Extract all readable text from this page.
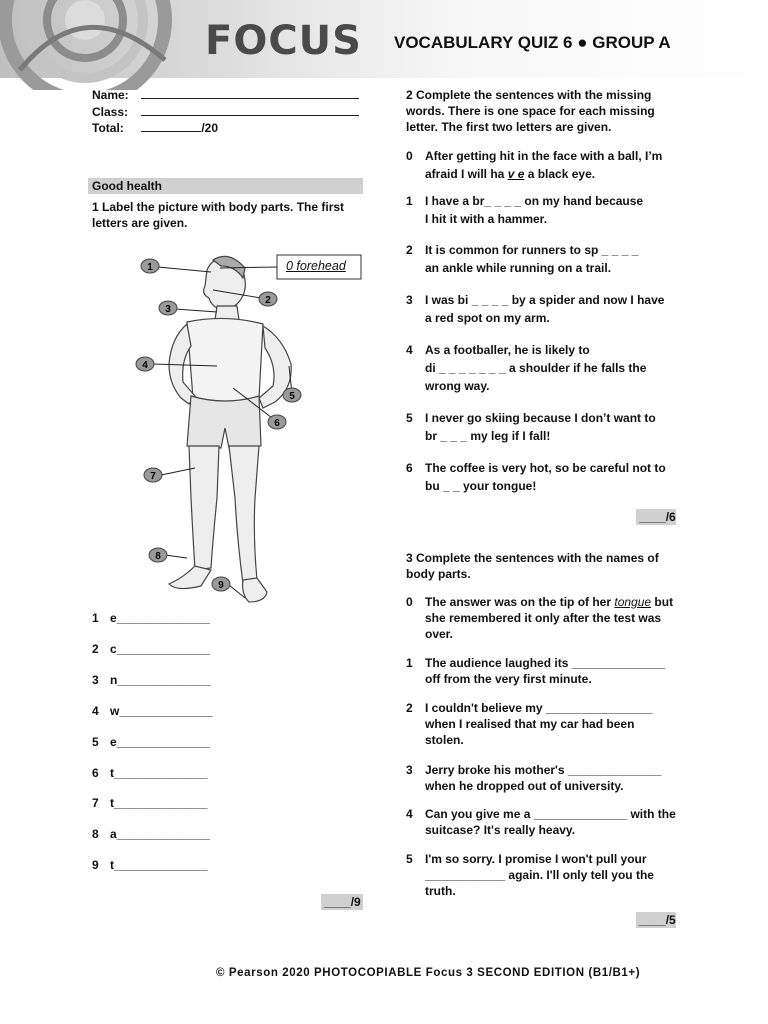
FOCUS VOCABULARY QUIZ 6 ● GROUP A
Name:
Class:
Total:	/20
Good health
1 Label the picture with body parts. The first
letters are given.
1
2
3
4
5
6
7
8
9
0 forehead
1 e______________
2 c______________
3 n______________
4 w______________
5 e______________
6 t______________
7 t______________
8 a______________
9 t______________
____/9
2 Complete the sentences with the missing
words. There is one space for each missing
letter. The first two letters are given.
0 After getting hit in the face with a ball, I’m
afraid I will ha v e a black eye.
1 I have a br_ _ _ _ on my hand because
I hit it with a hammer.
2 It is common for runners to sp _ _ _ _
an ankle while running on a trail.
3 I was bi _ _ _ _ by a spider and now I have
a red spot on my arm.
4 As a footballer, he is likely to
di _ _ _ _ _ _ _ a shoulder if he falls the
wrong way.
5 I never go skiing because I don’t want to
br _ _ _ my leg if I fall!
6 The coffee is very hot, so be careful not to
bu _ _ your tongue!
____/6
3 Complete the sentences with the names of
body parts.
0 The answer was on the tip of her tongue but
she remembered it only after the test was
over.
1 The audience laughed its ______________
off from the very first minute.
2 I couldn't believe my ________________
when I realised that my car had been
stolen.
3 Jerry broke his mother's ______________
when he dropped out of university.
4 Can you give me a ______________ with the
suitcase? It's really heavy.
5 I'm so sorry. I promise I won't pull your
____________ again. I'll only tell you the
truth.
____/5
© Pearson 2020 PHOTOCOPIABLE Focus 3 SECOND EDITION (B1/B1+)
